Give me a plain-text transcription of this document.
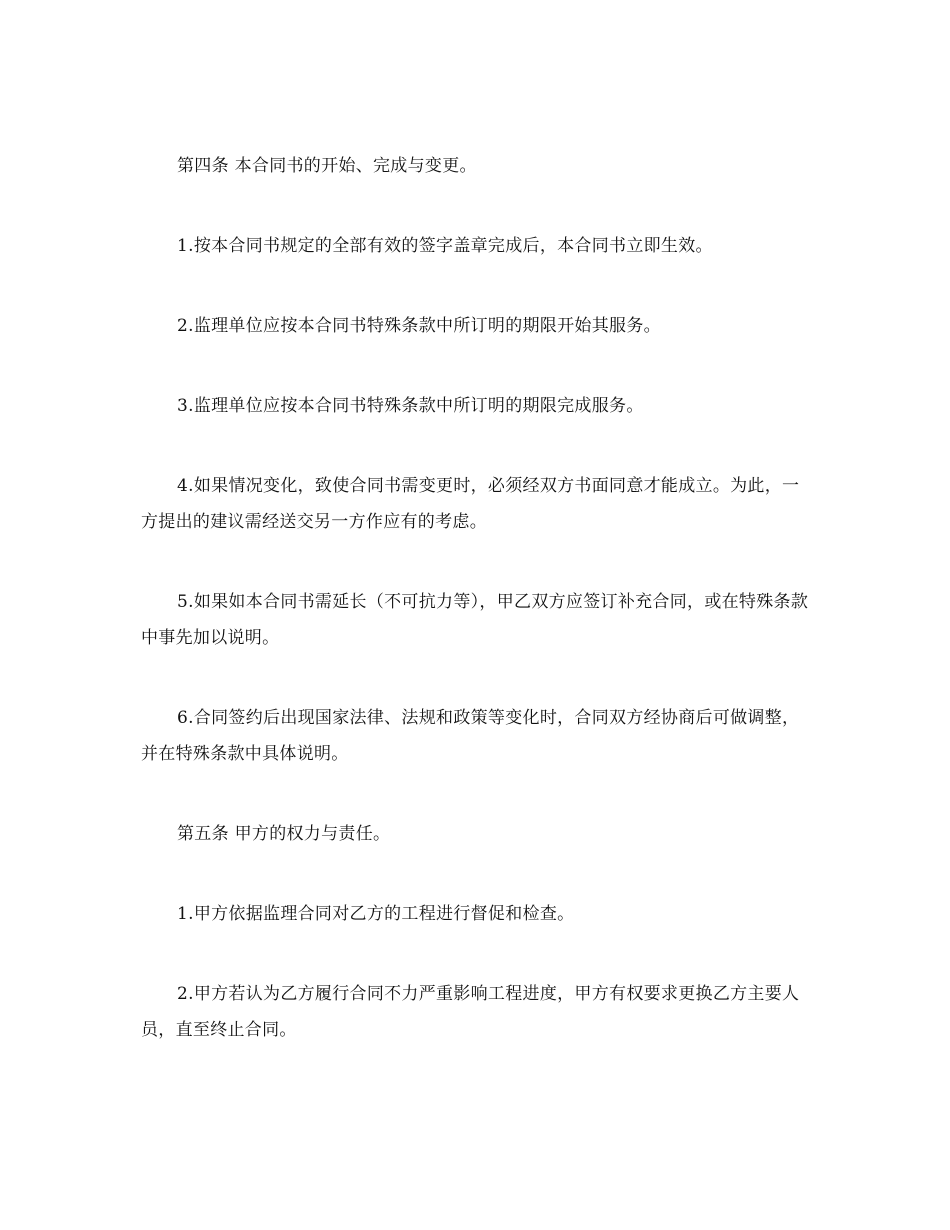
第四条 本合同书的开始、完成与变更。

1.按本合同书规定的全部有效的签字盖章完成后，本合同书立即生效。

2.监理单位应按本合同书特殊条款中所订明的期限开始其服务。

3.监理单位应按本合同书特殊条款中所订明的期限完成服务。

4.如果情况变化，致使合同书需变更时，必须经双方书面同意才能成立。为此，一方提出的建议需经送交另一方作应有的考虑。

5.如果如本合同书需延长（不可抗力等），甲乙双方应签订补充合同，或在特殊条款中事先加以说明。

6.合同签约后出现国家法律、法规和政策等变化时，合同双方经协商后可做调整，并在特殊条款中具体说明。

第五条 甲方的权力与责任。

1.甲方依据监理合同对乙方的工程进行督促和检查。

2.甲方若认为乙方履行合同不力严重影响工程进度，甲方有权要求更换乙方主要人员，直至终止合同。
